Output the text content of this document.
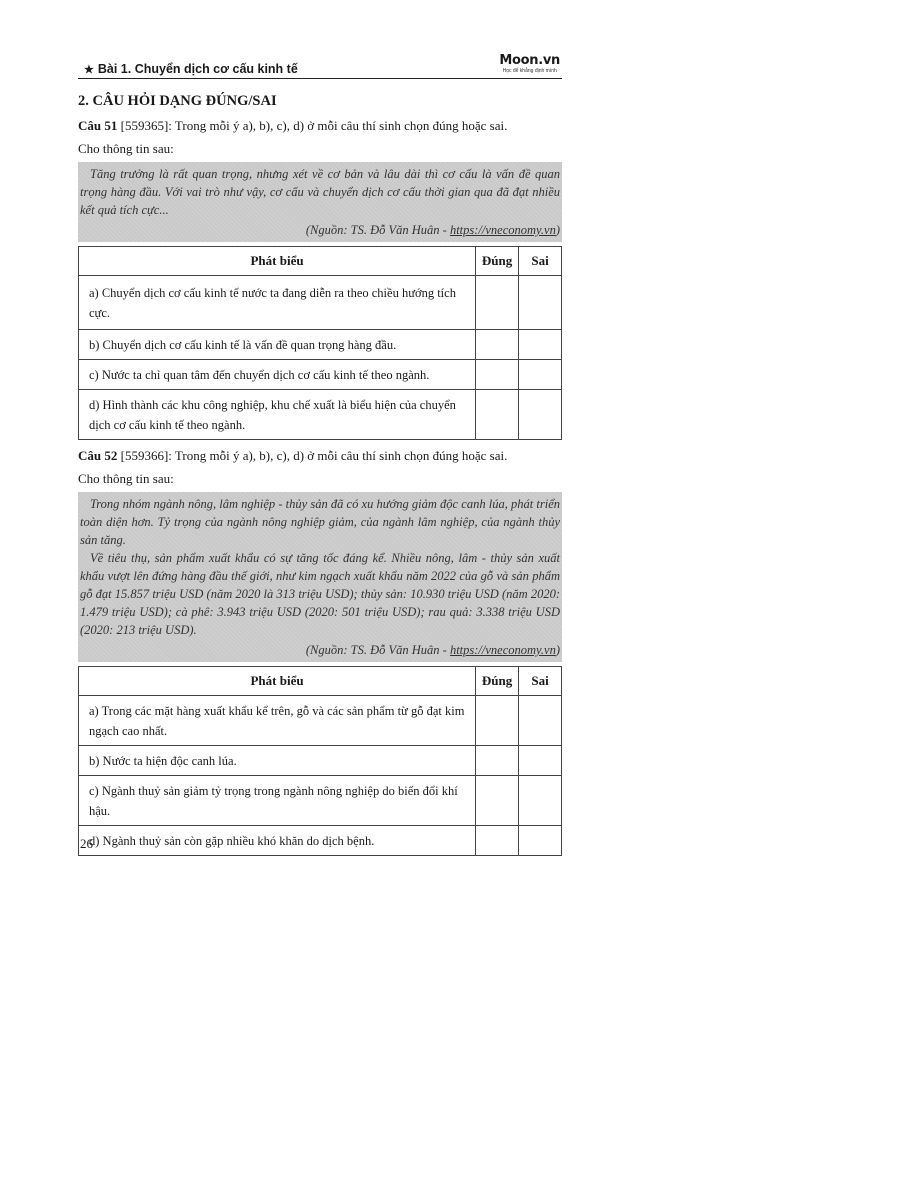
★ Bài 1. Chuyển dịch cơ cấu kinh tế
Moon.vn
Học để khẳng định mình
2. CÂU HỎI DẠNG ĐÚNG/SAI
Câu 51 [559365]: Trong mỗi ý a), b), c), d) ở mỗi câu thí sinh chọn đúng hoặc sai.
Cho thông tin sau:

Tăng trưởng là rất quan trọng, nhưng xét về cơ bản và lâu dài thì cơ cấu là vấn đề quan trọng hàng đầu. Với vai trò như vậy, cơ cấu và chuyển dịch cơ cấu thời gian qua đã đạt nhiều kết quả tích cực...

(Nguồn: TS. Đỗ Văn Huân - https://vneconomy.vn)

Phát biểu	Đúng	Sai
a) Chuyển dịch cơ cấu kinh tế nước ta đang diễn ra theo chiều hướng tích cực.		
b) Chuyển dịch cơ cấu kinh tế là vấn đề quan trọng hàng đầu.		
c) Nước ta chỉ quan tâm đến chuyển dịch cơ cấu kinh tế theo ngành.		
d) Hình thành các khu công nghiệp, khu chế xuất là biểu hiện của chuyển dịch cơ cấu kinh tế theo ngành.		
Câu 52 [559366]: Trong mỗi ý a), b), c), d) ở mỗi câu thí sinh chọn đúng hoặc sai.
Cho thông tin sau:

Trong nhóm ngành nông, lâm nghiệp - thủy sản đã có xu hướng giảm độc canh lúa, phát triển toàn diện hơn. Tỷ trọng của ngành nông nghiệp giảm, của ngành lâm nghiệp, của ngành thủy sản tăng.

Về tiêu thụ, sản phẩm xuất khẩu có sự tăng tốc đáng kể. Nhiều nông, lâm - thủy sản xuất khẩu vượt lên đứng hàng đầu thế giới, như kim ngạch xuất khẩu năm 2022 của gỗ và sản phẩm gỗ đạt 15.857 triệu USD (năm 2020 là 313 triệu USD); thủy sản: 10.930 triệu USD (năm 2020: 1.479 triệu USD); cà phê: 3.943 triệu USD (2020: 501 triệu USD); rau quả: 3.338 triệu USD (2020: 213 triệu USD).

(Nguồn: TS. Đỗ Văn Huân - https://vneconomy.vn)

Phát biểu	Đúng	Sai
a) Trong các mặt hàng xuất khẩu kể trên, gỗ và các sản phẩm từ gỗ đạt kim ngạch cao nhất.		
b) Nước ta hiện độc canh lúa.		
c) Ngành thuỷ sản giảm tỷ trọng trong ngành nông nghiệp do biến đổi khí hậu.		
d) Ngành thuỷ sản còn gặp nhiều khó khăn do dịch bệnh.		
26
